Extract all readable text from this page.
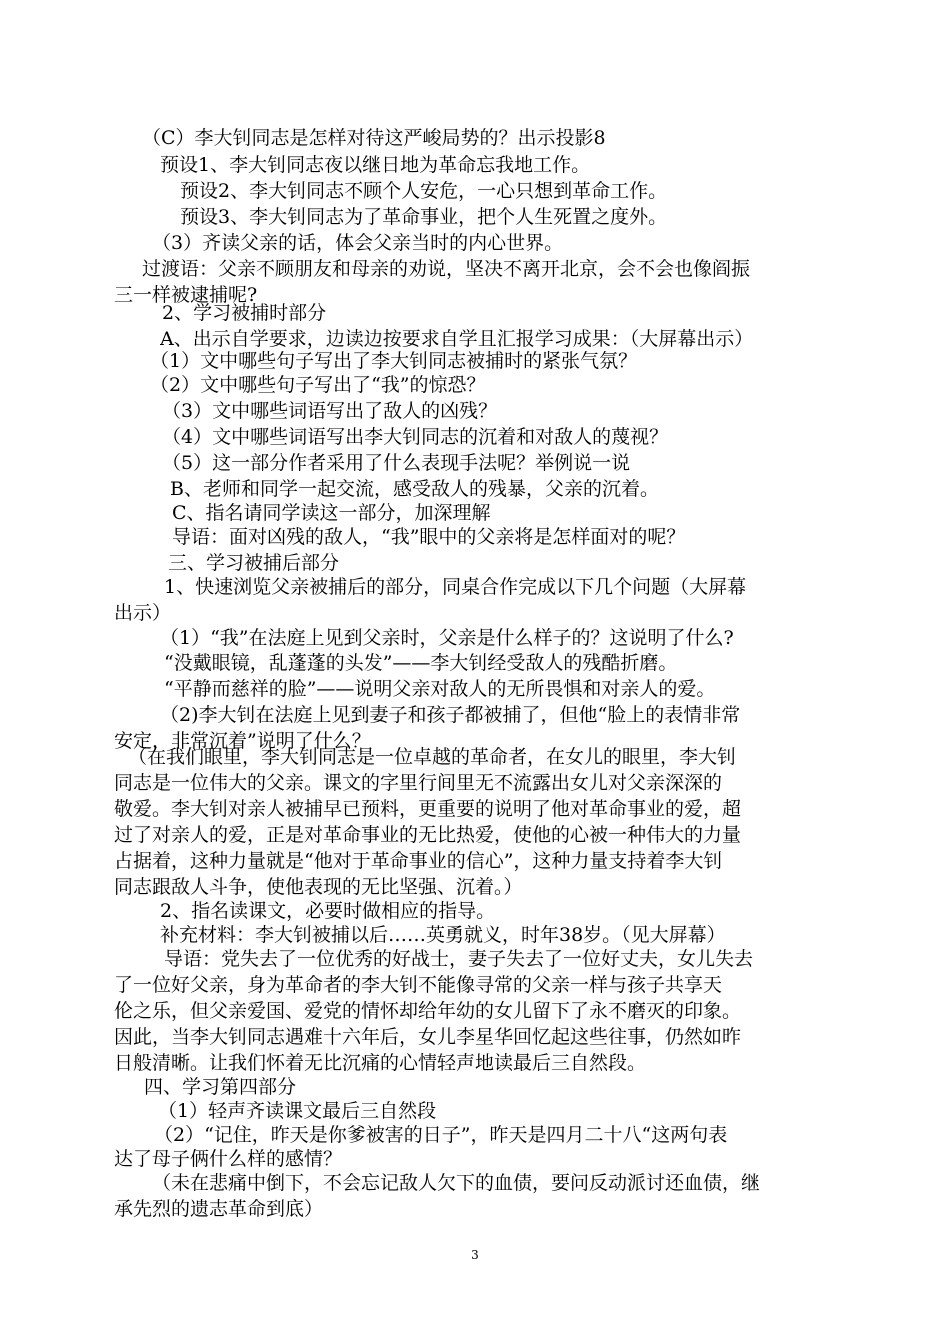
（C）李大钊同志是怎样对待这严峻局势的？出示投影8
预设1、李大钊同志夜以继日地为革命忘我地工作。
预设2、李大钊同志不顾个人安危，一心只想到革命工作。
预设3、李大钊同志为了革命事业，把个人生死置之度外。
（3）齐读父亲的话，体会父亲当时的内心世界。
过渡语：父亲不顾朋友和母亲的劝说，坚决不离开北京，会不会也像阎振
三一样被逮捕呢?
2、学习被捕时部分
A、出示自学要求，边读边按要求自学且汇报学习成果：（大屏幕出示）
（1）文中哪些句子写出了李大钊同志被捕时的紧张气氛？
（2）文中哪些句子写出了“我”的惊恐？
（3）文中哪些词语写出了敌人的凶残？
（4）文中哪些词语写出李大钊同志的沉着和对敌人的蔑视？
（5）这一部分作者采用了什么表现手法呢？举例说一说
B、老师和同学一起交流，感受敌人的残暴，父亲的沉着。
C、指名请同学读这一部分，加深理解
导语：面对凶残的敌人，“我”眼中的父亲将是怎样面对的呢？
三、学习被捕后部分
1、快速浏览父亲被捕后的部分，同桌合作完成以下几个问题（大屏幕
出示）
（1）“我”在法庭上见到父亲时，父亲是什么样子的？这说明了什么?
“没戴眼镜，乱蓬蓬的头发”——李大钊经受敌人的残酷折磨。
“平静而慈祥的脸”——说明父亲对敌人的无所畏惧和对亲人的爱。
（2)李大钊在法庭上见到妻子和孩子都被捕了，但他“脸上的表情非常
安定，非常沉着”说明了什么？
（在我们眼里，李大钊同志是一位卓越的革命者，在女儿的眼里，李大钊
同志是一位伟大的父亲。课文的字里行间里无不流露出女儿对父亲深深的
敬爱。李大钊对亲人被捕早已预料，更重要的说明了他对革命事业的爱，超
过了对亲人的爱，正是对革命事业的无比热爱，使他的心被一种伟大的力量
占据着，这种力量就是“他对于革命事业的信心”，这种力量支持着李大钊
同志跟敌人斗争，使他表现的无比坚强、沉着。）
2、指名读课文，必要时做相应的指导。
补充材料：李大钊被捕以后……英勇就义，时年38岁。（见大屏幕）
导语：党失去了一位优秀的好战士，妻子失去了一位好丈夫，女儿失去
了一位好父亲，身为革命者的李大钊不能像寻常的父亲一样与孩子共享天
伦之乐，但父亲爱国、爱党的情怀却给年幼的女儿留下了永不磨灭的印象。
因此，当李大钊同志遇难十六年后，女儿李星华回忆起这些往事，仍然如昨
日般清晰。让我们怀着无比沉痛的心情轻声地读最后三自然段。
四、学习第四部分
（1）轻声齐读课文最后三自然段
（2）“记住，昨天是你爹被害的日子”，昨天是四月二十八“这两句表
达了母子俩什么样的感情？
（未在悲痛中倒下，不会忘记敌人欠下的血债，要问反动派讨还血债，继
承先烈的遗志革命到底）
3
